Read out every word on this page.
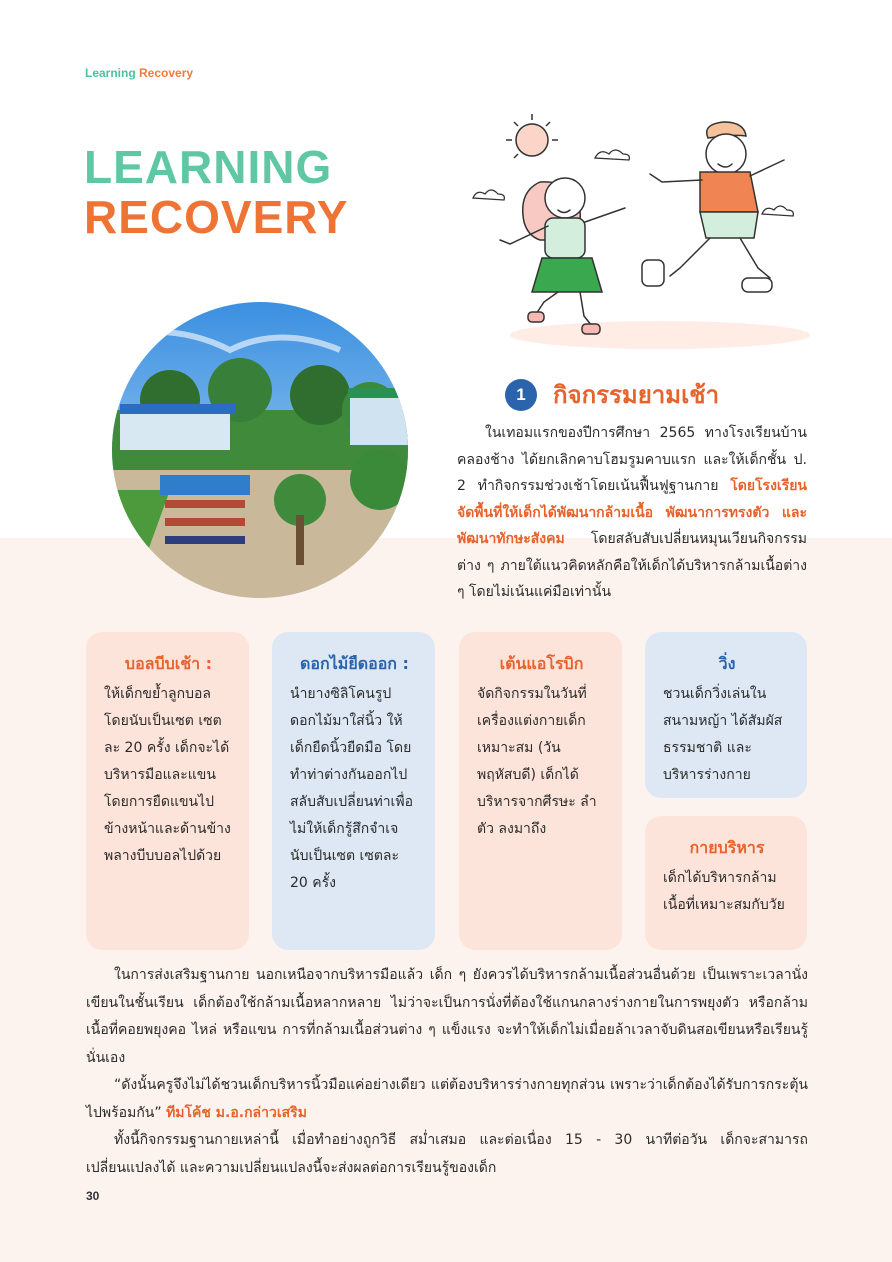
Learning Recovery
LEARNING
RECOVERY
1	กิจกรรมยามเช้า
ในเทอมแรกของปีการศึกษา 2565 ทางโรงเรียนบ้านคลองช้าง ได้ยกเลิกคาบโฮมรูมคาบแรก และให้เด็กชั้น ป. 2 ทำกิจกรรมช่วงเช้าโดยเน้นฟื้นฟูฐานกาย โดยโรงเรียนจัดพื้นที่ให้เด็กได้พัฒนากล้ามเนื้อ พัฒนาการทรงตัว และพัฒนาทักษะสังคม โดยสลับสับเปลี่ยนหมุนเวียนกิจกรรมต่าง ๆ ภายใต้แนวคิดหลักคือให้เด็กได้บริหารกล้ามเนื้อต่าง ๆ โดยไม่เน้นแค่มือเท่านั้น
บอลบีบเช้า :
ให้เด็กขย้ำลูกบอลโดยนับเป็นเซต เซตละ 20 ครั้ง เด็กจะได้บริหารมือและแขน โดยการยืดแขนไปข้างหน้าและด้านข้าง พลางบีบบอลไปด้วย
ดอกไม้ยืดออก :
นำยางซิลิโคนรูปดอกไม้มาใส่นิ้ว ให้เด็กยืดนิ้วยืดมือ โดยทำท่าต่างกันออกไป สลับสับเปลี่ยนท่าเพื่อไม่ให้เด็กรู้สึกจำเจ นับเป็นเซต เซตละ 20 ครั้ง
เต้นแอโรบิก
จัดกิจกรรมในวันที่เครื่องแต่งกายเด็กเหมาะสม (วันพฤหัสบดี) เด็กได้บริหารจากศีรษะ ลำตัว ลงมาถึง
วิ่ง
ชวนเด็กวิ่งเล่นในสนามหญ้า ได้สัมผัสธรรมชาติ และบริหารร่างกาย
กายบริหาร
เด็กได้บริหารกล้ามเนื้อที่เหมาะสมกับวัย

ในการส่งเสริมฐานกาย นอกเหนือจากบริหารมือแล้ว เด็ก ๆ ยังควรได้บริหารกล้ามเนื้อส่วนอื่นด้วย เป็นเพราะเวลานั่งเขียนในชั้นเรียน เด็กต้องใช้กล้ามเนื้อหลากหลาย ไม่ว่าจะเป็นการนั่งที่ต้องใช้แกนกลางร่างกายในการพยุงตัว หรือกล้ามเนื้อที่คอยพยุงคอ ไหล่ หรือแขน การที่กล้ามเนื้อส่วนต่าง ๆ แข็งแรง จะทำให้เด็กไม่เมื่อยล้าเวลาจับดินสอเขียนหรือเรียนรู้นั่นเอง

“ดังนั้นครูจึงไม่ได้ชวนเด็กบริหารนิ้วมือแค่อย่างเดียว แต่ต้องบริหารร่างกายทุกส่วน เพราะว่าเด็กต้องได้รับการกระตุ้นไปพร้อมกัน” ทีมโค้ช ม.อ.กล่าวเสริม

ทั้งนี้กิจกรรมฐานกายเหล่านี้ เมื่อทำอย่างถูกวิธี สม่ำเสมอ และต่อเนื่อง 15 - 30 นาทีต่อวัน เด็กจะสามารถเปลี่ยนแปลงได้ และความเปลี่ยนแปลงนี้จะส่งผลต่อการเรียนรู้ของเด็ก

30
